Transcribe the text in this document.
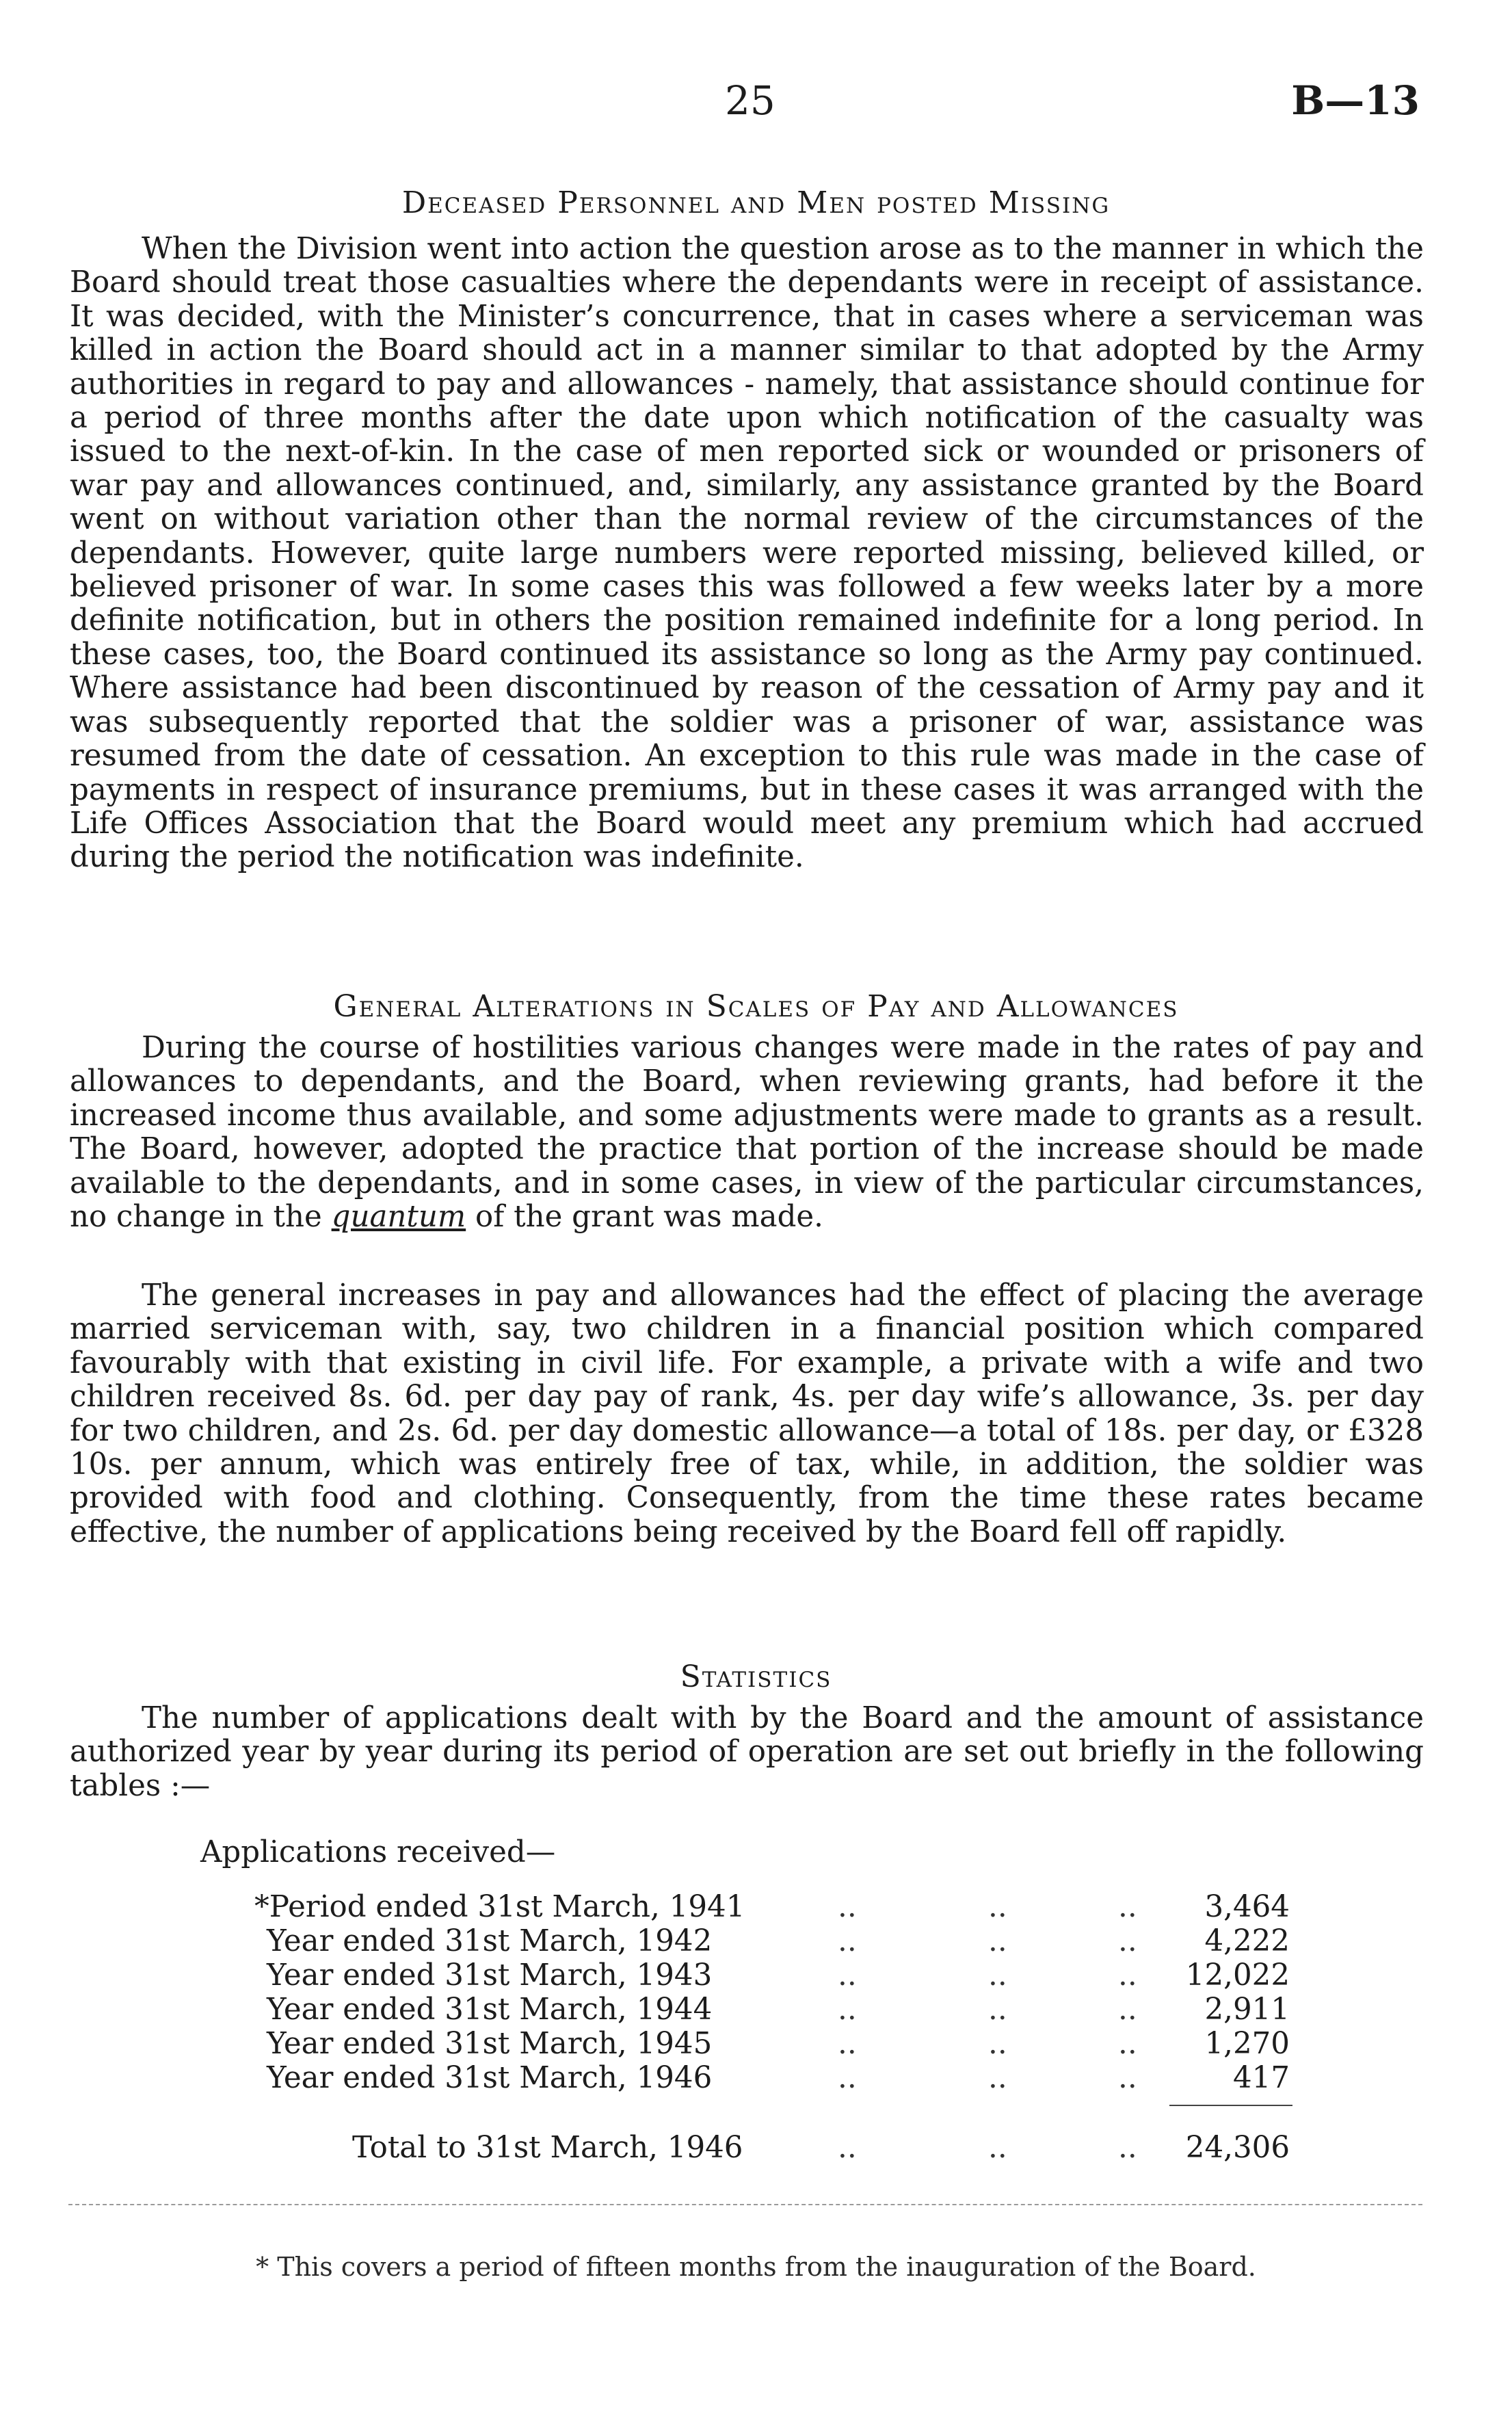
25	B—13
Deceased Personnel and Men posted Missing

When the Division went into action the question arose as to the manner in which the Board should treat those casualties where the dependants were in receipt of assistance. It was decided, with the Minister’s concurrence, that in cases where a serviceman was killed in action the Board should act in a manner similar to that adopted by the Army authorities in regard to pay and allowances - namely, that assistance should continue for a period of three months after the date upon which notification of the casualty was issued to the next-of-kin. In the case of men reported sick or wounded or prisoners of war pay and allowances continued, and, similarly, any assistance granted by the Board went on without variation other than the normal review of the circumstances of the dependants. However, quite large numbers were reported missing, believed killed, or believed prisoner of war. In some cases this was followed a few weeks later by a more definite notification, but in others the position remained indefinite for a long period. In these cases, too, the Board continued its assistance so long as the Army pay continued. Where assistance had been discontinued by reason of the cessation of Army pay and it was subsequently reported that the soldier was a prisoner of war, assistance was resumed from the date of cessation. An exception to this rule was made in the case of payments in respect of insurance premiums, but in these cases it was arranged with the Life Offices Association that the Board would meet any premium which had accrued during the period the notification was indefinite.

General Alterations in Scales of Pay and Allowances

During the course of hostilities various changes were made in the rates of pay and allowances to dependants, and the Board, when reviewing grants, had before it the increased income thus available, and some adjustments were made to grants as a result. The Board, however, adopted the practice that portion of the increase should be made available to the dependants, and in some cases, in view of the particular circumstances, no change in the quantum of the grant was made.

The general increases in pay and allowances had the effect of placing the average married serviceman with, say, two children in a financial position which compared favourably with that existing in civil life. For example, a private with a wife and two children received 8s. 6d. per day pay of rank, 4s. per day wife’s allowance, 3s. per day for two children, and 2s. 6d. per day domestic allowance—a total of 18s. per day, or £328 10s. per annum, which was entirely free of tax, while, in addition, the soldier was provided with food and clothing. Consequently, from the time these rates became effective, the number of applications being received by the Board fell off rapidly.

Statistics

The number of applications dealt with by the Board and the amount of assistance authorized year by year during its period of operation are set out briefly in the following tables :—

Applications received—
*Period ended 31st March, 1941	..	..	.. 3,464
Year ended 31st March, 1942	..	..	.. 4,222
Year ended 31st March, 1943	..	..	.. 12,022
Year ended 31st March, 1944	..	..	.. 2,911
Year ended 31st March, 1945	..	..	.. 1,270
Year ended 31st March, 1946	..	..	..	417
Total to 31st March, 1946	..	..	.. 24,306
* This covers a period of fifteen months from the inauguration of the Board.
